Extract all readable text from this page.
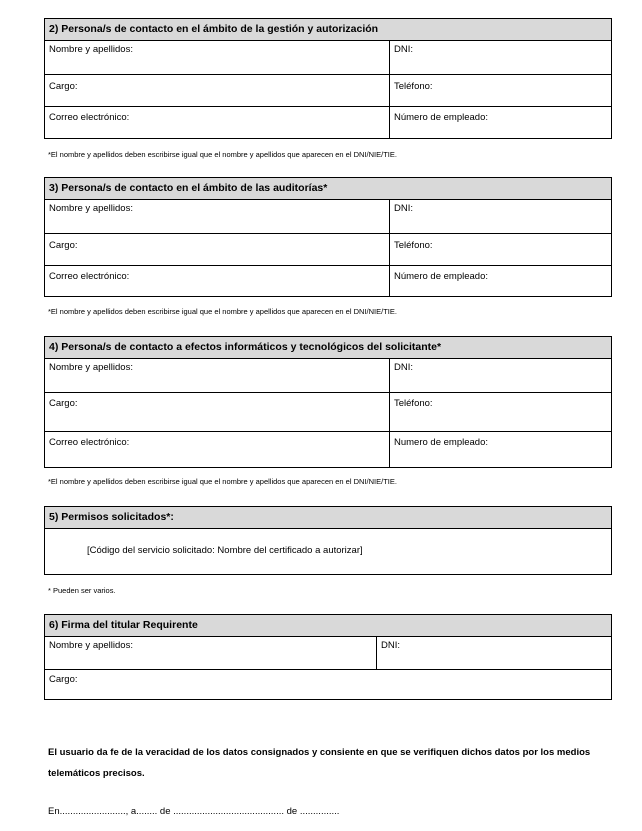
2) Persona/s de contacto en el ámbito de la gestión y autorización
Nombre y apellidos:	DNI:
Cargo:	Teléfono:
Correo electrónico:	Número de empleado:
*El nombre y apellidos deben escribirse igual que el nombre y apellidos que aparecen en el DNI/NIE/TIE.
3) Persona/s de contacto en el ámbito de las auditorías*
Nombre y apellidos:	DNI:
Cargo:	Teléfono:
Correo electrónico:	Número de empleado:
*El nombre y apellidos deben escribirse igual que el nombre y apellidos que aparecen en el DNI/NIE/TIE.
4) Persona/s de contacto a efectos informáticos y tecnológicos del solicitante*
Nombre y apellidos:	DNI:
Cargo:	Teléfono:
Correo electrónico:	Numero de empleado:
*El nombre y apellidos deben escribirse igual que el nombre y apellidos que aparecen en el DNI/NIE/TIE.
5) Permisos solicitados*:
[Código del servicio solicitado: Nombre del certificado a autorizar]
* Pueden ser varios.
6) Firma del titular Requirente
Nombre y apellidos:	DNI:
Cargo:
El usuario da fe de la veracidad de los datos consignados y consiente en que se verifiquen dichos datos por los medios telemáticos precisos.
En........................., a........ de .......................................... de ...............
